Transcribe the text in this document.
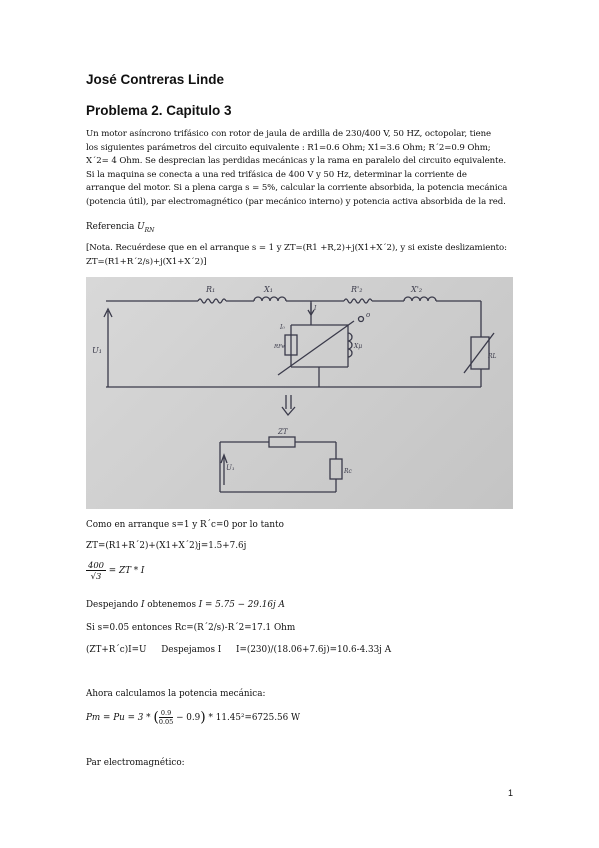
José Contreras Linde
Problema 2. Capitulo 3
Un motor asíncrono trifásico con rotor de jaula de ardilla de 230/400 V, 50 HZ, octopolar, tiene
los siguientes parámetros del circuito equivalente : R1=0.6 Ohm; X1=3.6 Ohm; R´2=0.9 Ohm;
X´2= 4 Ohm. Se desprecian las perdidas mecánicas y la rama en paralelo del circuito equivalente.
Si la maquina se conecta a una red trifásica de 400 V y 50 Hz, determinar la corriente de
arranque del motor. Si a plena carga s = 5%, calcular la corriente absorbida, la potencia mecánica
(potencia útil), par electromagnético (par mecánico interno) y potencia activa absorbida de la red.
Referencia $U_{RN}$
[Nota. Recuérdese que en el arranque s = 1 y ZT=(R1 +R,2)+j(X1+X´2), y si existe deslizamiento:
ZT=(R1+R´2/s)+j(X1+X´2)]
R₁	X₁	R'₂	X'₂
U₁
RL
I
I₀
RFe	Xμ
o
ZT
U₁	Rc
Como en arranque s=1 y R´c=0 por lo tanto
ZT=(R1+R´2)+(X1+X´2)j=1.5+7.6j
$\frac{400}{√3}$ = ZT * I
Despejando I obtenemos I = 5.75 − 29.16j A
Si s=0.05 entonces Rc=(R´2/s)-R´2=17.1 Ohm
(ZT+R´c)I=U Despejamos I I=(230)/(18.06+7.6j)=10.6-4.33j A
Ahora calculamos la potencia mecánica:
Pm = Pu = 3 * ( $\frac{0.9}{0.05} - 0.9) * 11.45^2=6725.56$ W
Par electromagnético:
1
